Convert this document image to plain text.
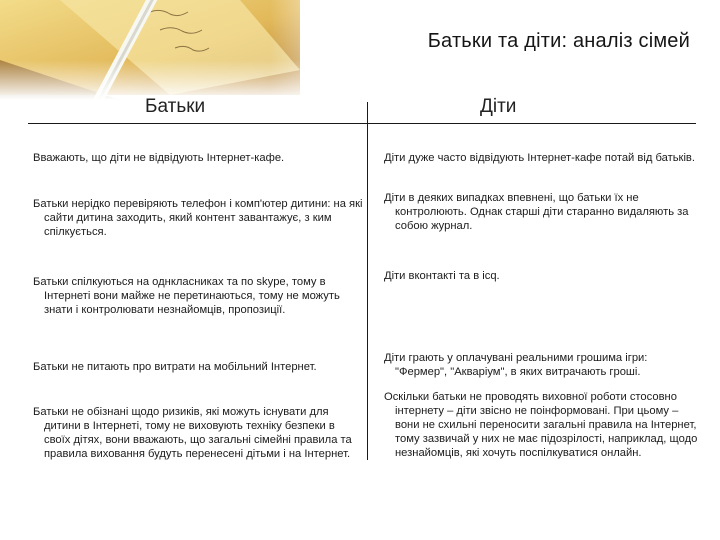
Батьки та діти: аналіз сімей
Батьки	Діти
Вважають, що діти не відвідують Інтернет-кафе.
Батьки нерідко перевіряють телефон і комп'ютер дитини: на які сайти дитина заходить, який контент завантажує, з ким спілкується.
Батьки спілкуються на однкласниках та по skype, тому в Інтернеті вони майже не перетинаються, тому не можуть знати і контролювати незнайомців, пропозиції.
Батьки не питають про витрати на мобільний Інтернет.
Батьки не обізнані щодо ризиків, які можуть існувати для дитини в Інтернеті, тому не виховують техніку безпеки в своїх дітях, вони вважають, що загальні сімейні правила та правила виховання будуть перенесені дітьми і на Інтернет.
Діти дуже часто відвідують Інтернет-кафе потай від батьків.
Діти в деяких випадках впевнені, що батьки їх не контролюють. Однак старші діти старанно видаляють за собою журнал.
Діти вконтакті та в icq.
Діти грають у оплачувані реальними грошима ігри: "Фермер", "Акваріум", в яких витрачають гроші.
Оскільки батьки не проводять виховної роботи стосовно інтернету – діти звісно не поінформовані. При цьому – вони не схильні переносити загальні правила на Інтернет, тому зазвичай у них не має підозрілості, наприклад, щодо незнайомців, які хочуть поспілкуватися онлайн.
